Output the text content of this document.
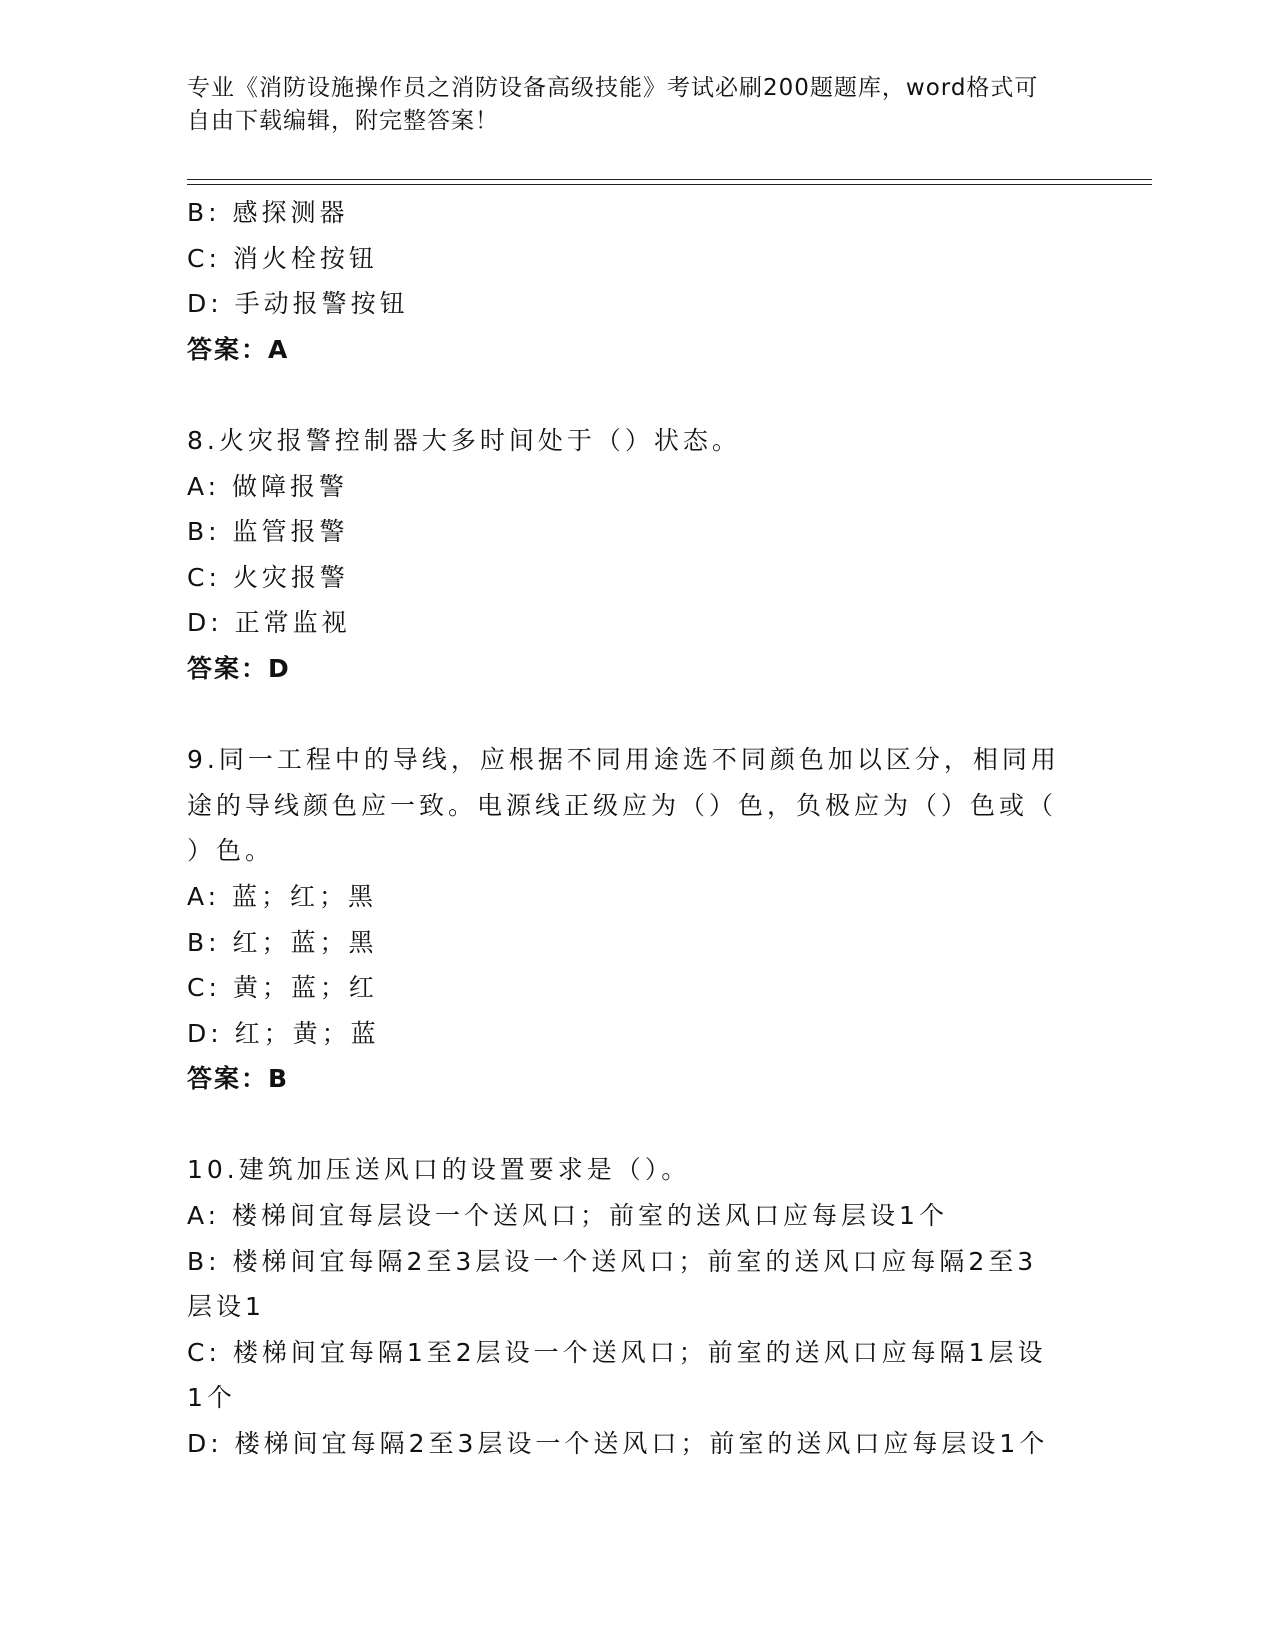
专业《消防设施操作员之消防设备高级技能》考试必刷200题题库，word格式可
自由下载编辑，附完整答案！
B: 感探测器
C: 消火栓按钮
D: 手动报警按钮
答案：A
8.火灾报警控制器大多时间处于（）状态。
A: 做障报警
B: 监管报警
C: 火灾报警
D: 正常监视
答案：D
9.同一工程中的导线，应根据不同用途选不同颜色加以区分，相同用
途的导线颜色应一致。电源线正级应为（）色，负极应为（）色或（
）色。
A: 蓝；红；黑
B: 红；蓝；黑
C: 黄；蓝；红
D: 红；黄；蓝
答案：B
10.建筑加压送风口的设置要求是（）。
A: 楼梯间宜每层设一个送风口；前室的送风口应每层设1个
B: 楼梯间宜每隔2至3层设一个送风口；前室的送风口应每隔2至3
层设1
C: 楼梯间宜每隔1至2层设一个送风口；前室的送风口应每隔1层设
1个
D: 楼梯间宜每隔2至3层设一个送风口；前室的送风口应每层设1个
